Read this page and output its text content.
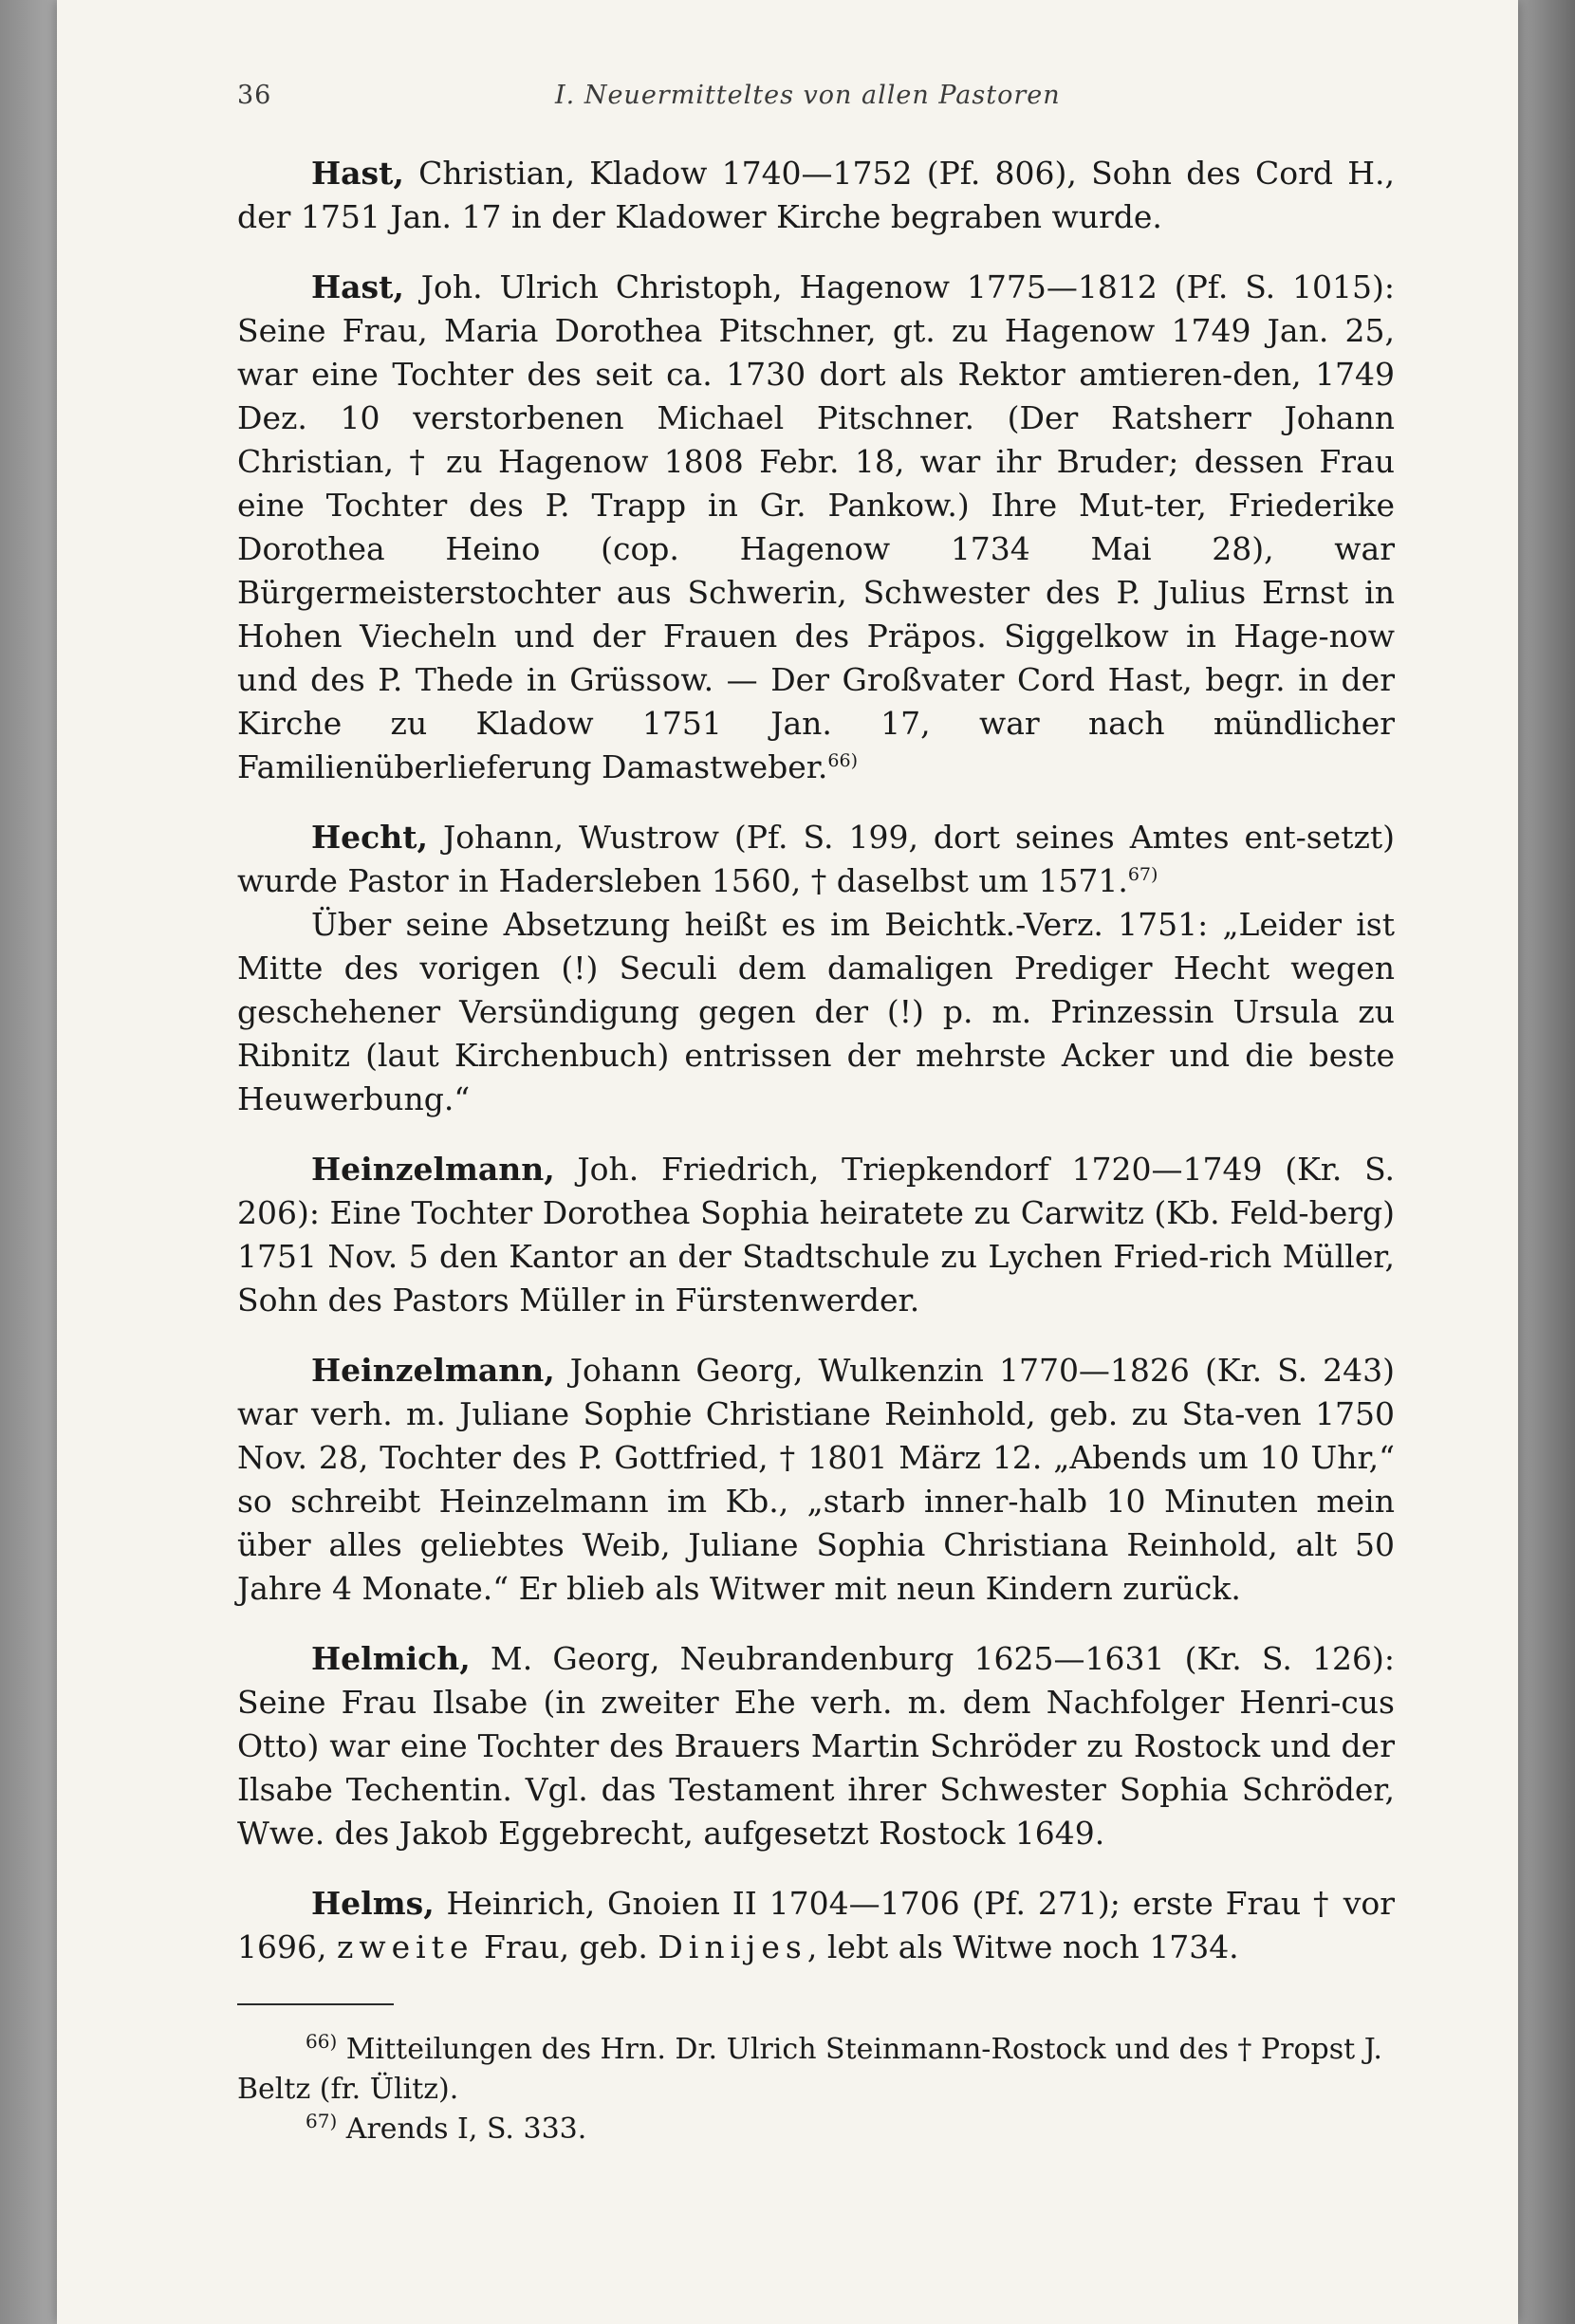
36	I. Neuermitteltes von allen Pastoren

Hast, Christian, Kladow 1740—1752 (Pf. 806), Sohn des Cord H., der 1751 Jan. 17 in der Kladower Kirche begraben wurde.

Hast, Joh. Ulrich Christoph, Hagenow 1775—1812 (Pf. S. 1015): Seine Frau, Maria Dorothea Pitschner, gt. zu Hagenow 1749 Jan. 25, war eine Tochter des seit ca. 1730 dort als Rektor amtieren-den, 1749 Dez. 10 verstorbenen Michael Pitschner. (Der Ratsherr Johann Christian, † zu Hagenow 1808 Febr. 18, war ihr Bruder; dessen Frau eine Tochter des P. Trapp in Gr. Pankow.) Ihre Mut-ter, Friederike Dorothea Heino (cop. Hagenow 1734 Mai 28), war Bürgermeisterstochter aus Schwerin, Schwester des P. Julius Ernst in Hohen Viecheln und der Frauen des Präpos. Siggelkow in Hage-now und des P. Thede in Grüssow. — Der Großvater Cord Hast, begr. in der Kirche zu Kladow 1751 Jan. 17, war nach mündlicher Familienüberlieferung Damastweber.$^{66)}$

Hecht, Johann, Wustrow (Pf. S. 199, dort seines Amtes ent-setzt) wurde Pastor in Hadersleben 1560, † daselbst um 1571.$^{67)}$

Über seine Absetzung heißt es im Beichtk.-Verz. 1751: „Leider ist Mitte des vorigen (!) Seculi dem damaligen Prediger Hecht wegen geschehener Versündigung gegen der (!) p. m. Prinzessin Ursula zu Ribnitz (laut Kirchenbuch) entrissen der mehrste Acker und die beste Heuwerbung.“

Heinzelmann, Joh. Friedrich, Triepkendorf 1720—1749 (Kr. S. 206): Eine Tochter Dorothea Sophia heiratete zu Carwitz (Kb. Feld-berg) 1751 Nov. 5 den Kantor an der Stadtschule zu Lychen Fried-rich Müller, Sohn des Pastors Müller in Fürstenwerder.

Heinzelmann, Johann Georg, Wulkenzin 1770—1826 (Kr. S. 243) war verh. m. Juliane Sophie Christiane Reinhold, geb. zu Sta-ven 1750 Nov. 28, Tochter des P. Gottfried, † 1801 März 12. „Abends um 10 Uhr,“ so schreibt Heinzelmann im Kb., „starb inner-halb 10 Minuten mein über alles geliebtes Weib, Juliane Sophia Christiana Reinhold, alt 50 Jahre 4 Monate.“ Er blieb als Witwer mit neun Kindern zurück.

Helmich, M. Georg, Neubrandenburg 1625—1631 (Kr. S. 126): Seine Frau Ilsabe (in zweiter Ehe verh. m. dem Nachfolger Henri-cus Otto) war eine Tochter des Brauers Martin Schröder zu Rostock und der Ilsabe Techentin. Vgl. das Testament ihrer Schwester Sophia Schröder, Wwe. des Jakob Eggebrecht, aufgesetzt Rostock 1649.

Helms, Heinrich, Gnoien II 1704—1706 (Pf. 271); erste Frau † vor 1696, zweite Frau, geb. Dinijes, lebt als Witwe noch 1734.

$^{66)}$ Mitteilungen des Hrn. Dr. Ulrich Steinmann-Rostock und des † Propst J. Beltz (fr. Ülitz).

$^{67)}$ Arends I, S. 333.
